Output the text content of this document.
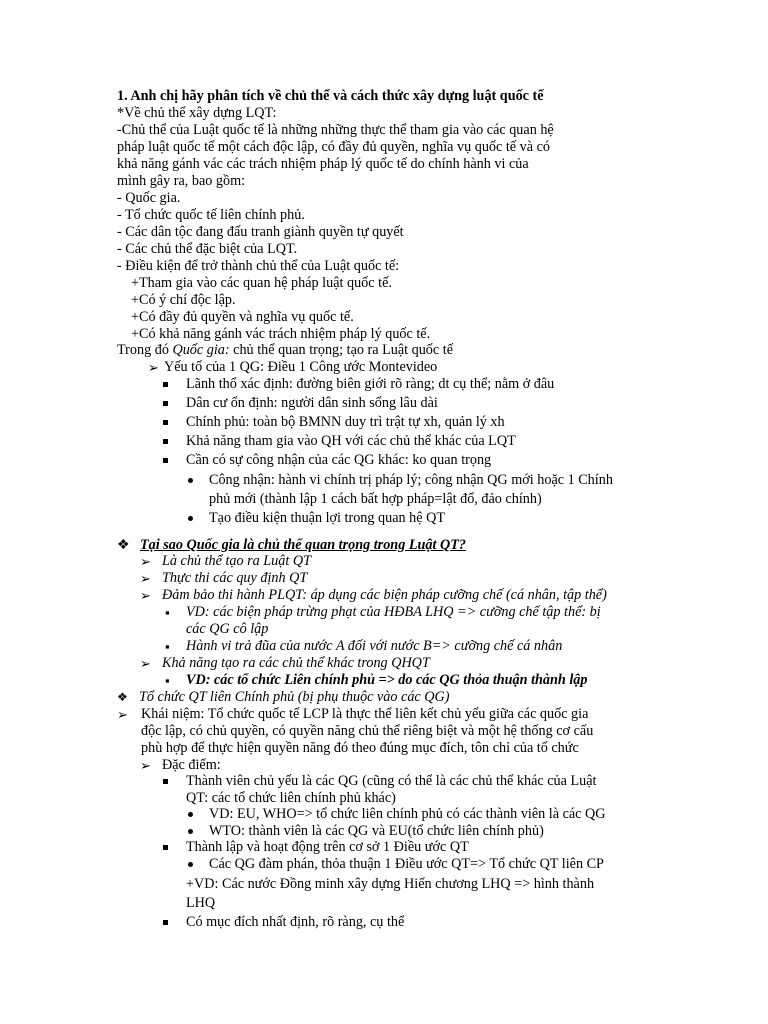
1. Anh chị hãy phân tích về chủ thể và cách thức xây dựng luật quốc tế
*Về chủ thể xây dựng LQT:
-Chủ thể của Luật quốc tế là những những thực thể tham gia vào các quan hệ
pháp luật quốc tế một cách độc lập, có đầy đủ quyền, nghĩa vụ quốc tế và có
khả năng gánh vác các trách nhiệm pháp lý quốc tế do chính hành vi của
mình gây ra, bao gồm:
- Quốc gia.
- Tổ chức quốc tế liên chính phủ.
- Các dân tộc đang đấu tranh giành quyền tự quyết
- Các chủ thể đặc biệt của LQT.
- Điều kiện để trở thành chủ thể của Luật quốc tế:
+Tham gia vào các quan hệ pháp luật quốc tế.
+Có ý chí độc lập.
+Có đầy đủ quyền và nghĩa vụ quốc tế.
+Có khả năng gánh vác trách nhiệm pháp lý quốc tế.
Trong đó Quốc gia: chủ thể quan trọng; tạo ra Luật quốc tế
➢ Yếu tố của 1 QG: Điều 1 Công ước Montevideo
Lãnh thổ xác định: đường biên giới rõ ràng; dt cụ thể; nằm ở đâu
Dân cư ổn định: người dân sinh sống lâu dài
Chính phủ: toàn bộ BMNN duy trì trật tự xh, quản lý xh
Khả năng tham gia vào QH với các chủ thể khác của LQT
Cần có sự công nhận của các QG khác: ko quan trọng
Công nhận: hành vi chính trị pháp lý; công nhận QG mới hoặc 1 Chính
phủ mới (thành lập 1 cách bất hợp pháp=lật đổ, đảo chính)
Tạo điều kiện thuận lợi trong quan hệ QT
❖ Tại sao Quốc gia là chủ thể quan trọng trong Luật QT?
➢ Là chủ thể tạo ra Luật QT
➢ Thực thi các quy định QT
➢ Đảm bảo thi hành PLQT: áp dụng các biện pháp cưỡng chế (cá nhân, tập thể)
▪ VD: các biện pháp trừng phạt của HĐBA LHQ => cưỡng chế tập thể: bị
các QG cô lập
▪ Hành vi trả đũa của nước A đối với nước B=> cưỡng chế cá nhân
➢ Khả năng tạo ra các chủ thể khác trong QHQT
▪ VD: các tổ chức Liên chính phủ => do các QG thỏa thuận thành lập
❖ Tổ chức QT liên Chính phủ (bị phụ thuộc vào các QG)
➢ Khái niệm: Tổ chức quốc tế LCP là thực thể liên kết chủ yếu giữa các quốc gia
độc lập, có chủ quyền, có quyền năng chủ thể riêng biệt và một hệ thống cơ cấu
phù hợp để thực hiện quyền năng đó theo đúng mục đích, tôn chỉ của tổ chức
➢ Đặc điểm:
Thành viên chủ yếu là các QG (cũng có thể là các chủ thể khác của Luật
QT: các tổ chức liên chính phủ khác)
VD: EU, WHO=> tổ chức liên chính phủ có các thành viên là các QG
WTO: thành viên là các QG và EU(tổ chức liên chính phủ)
Thành lập và hoạt động trên cơ sở 1 Điều ước QT
Các QG đàm phán, thỏa thuận 1 Điều ước QT=> Tổ chức QT liên CP
+VD: Các nước Đồng minh xây dựng Hiến chương LHQ => hình thành
LHQ
Có mục đích nhất định, rõ ràng, cụ thể
